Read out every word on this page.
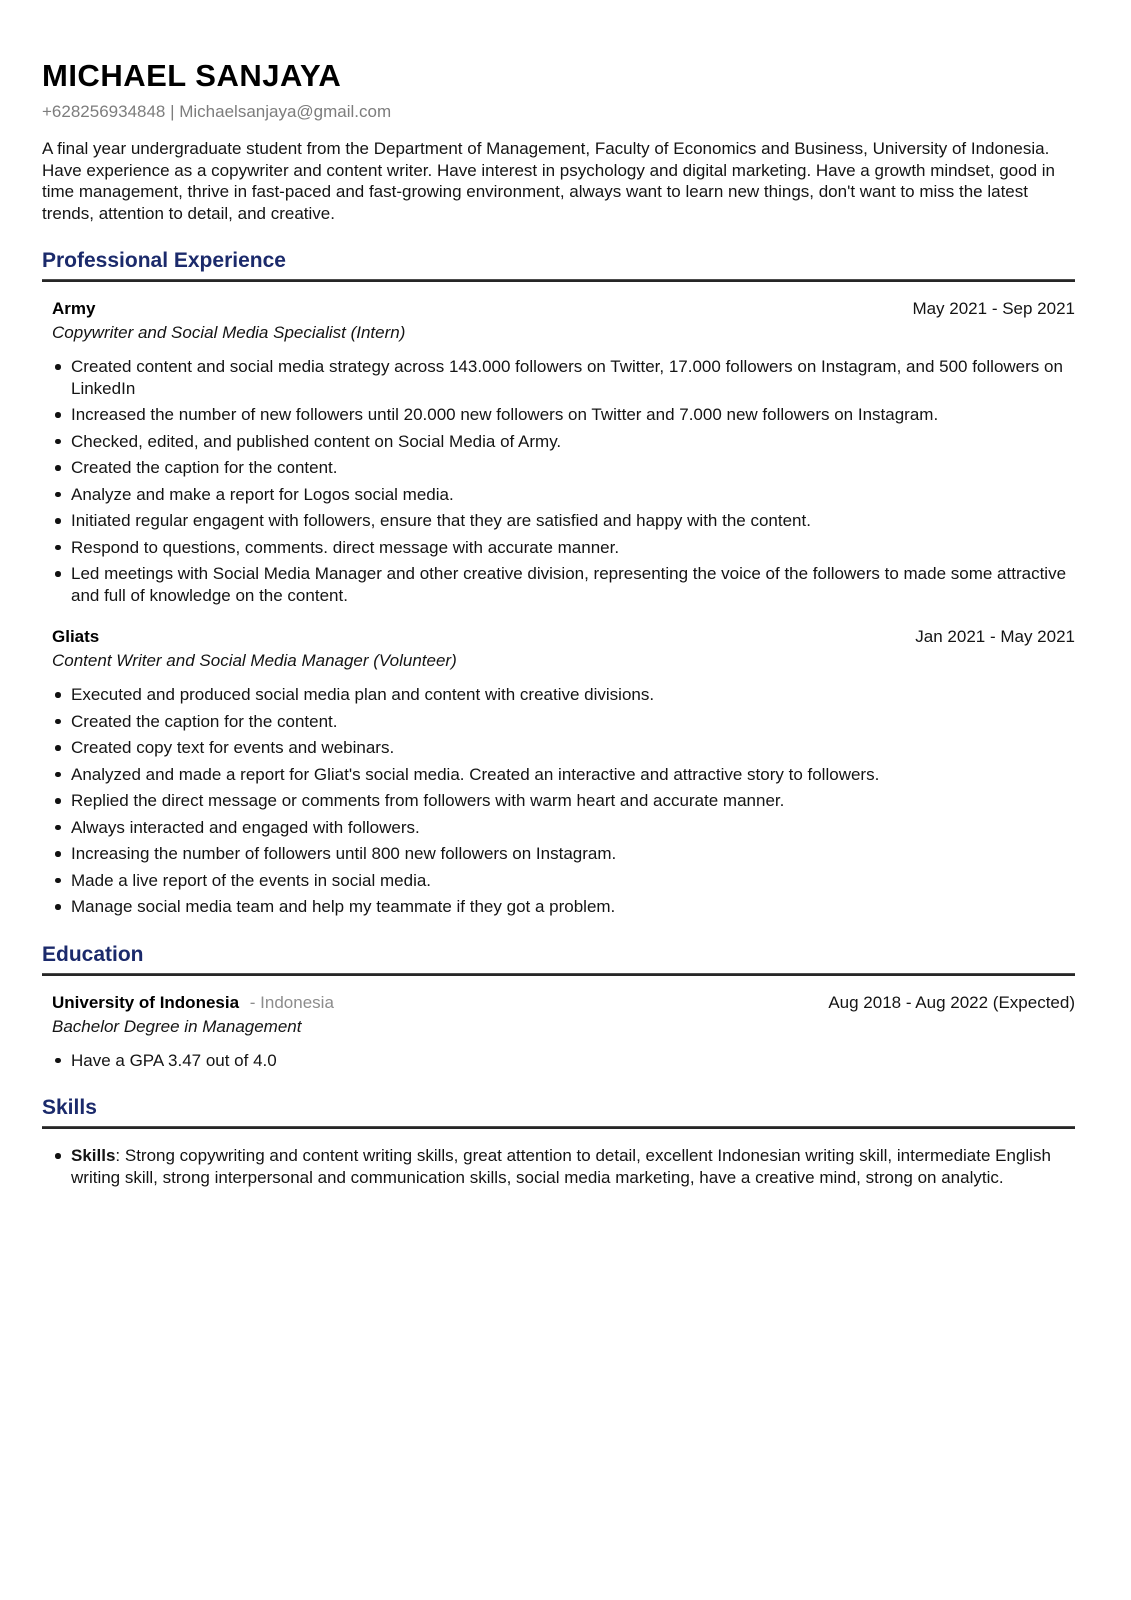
MICHAEL SANJAYA
+628256934848 | Michaelsanjaya@gmail.com
A final year undergraduate student from the Department of Management, Faculty of Economics and Business, University of Indonesia. Have experience as a copywriter and content writer. Have interest in psychology and digital marketing. Have a growth mindset, good in time management, thrive in fast-paced and fast-growing environment, always want to learn new things, don't want to miss the latest trends, attention to detail, and creative.
Professional Experience
Army	May 2021 - Sep 2021
Copywriter and Social Media Specialist (Intern)
Created content and social media strategy across 143.000 followers on Twitter, 17.000 followers on Instagram, and 500 followers on LinkedIn
Increased the number of new followers until 20.000 new followers on Twitter and 7.000 new followers on Instagram.
Checked, edited, and published content on Social Media of Army.
Created the caption for the content.
Analyze and make a report for Logos social media.
Initiated regular engagent with followers, ensure that they are satisfied and happy with the content.
Respond to questions, comments. direct message with accurate manner.
Led meetings with Social Media Manager and other creative division, representing the voice of the followers to made some attractive and full of knowledge on the content.
Gliats	Jan 2021 - May 2021
Content Writer and Social Media Manager (Volunteer)
Executed and produced social media plan and content with creative divisions.
Created the caption for the content.
Created copy text for events and webinars.
Analyzed and made a report for Gliat's social media. Created an interactive and attractive story to followers.
Replied the direct message or comments from followers with warm heart and accurate manner.
Always interacted and engaged with followers.
Increasing the number of followers until 800 new followers on Instagram.
Made a live report of the events in social media.
Manage social media team and help my teammate if they got a problem.
Education
University of Indonesia - Indonesia	Aug 2018 - Aug 2022 (Expected)
Bachelor Degree in Management
Have a GPA 3.47 out of 4.0
Skills
Skills: Strong copywriting and content writing skills, great attention to detail, excellent Indonesian writing skill, intermediate English writing skill, strong interpersonal and communication skills, social media marketing, have a creative mind, strong on analytic.
